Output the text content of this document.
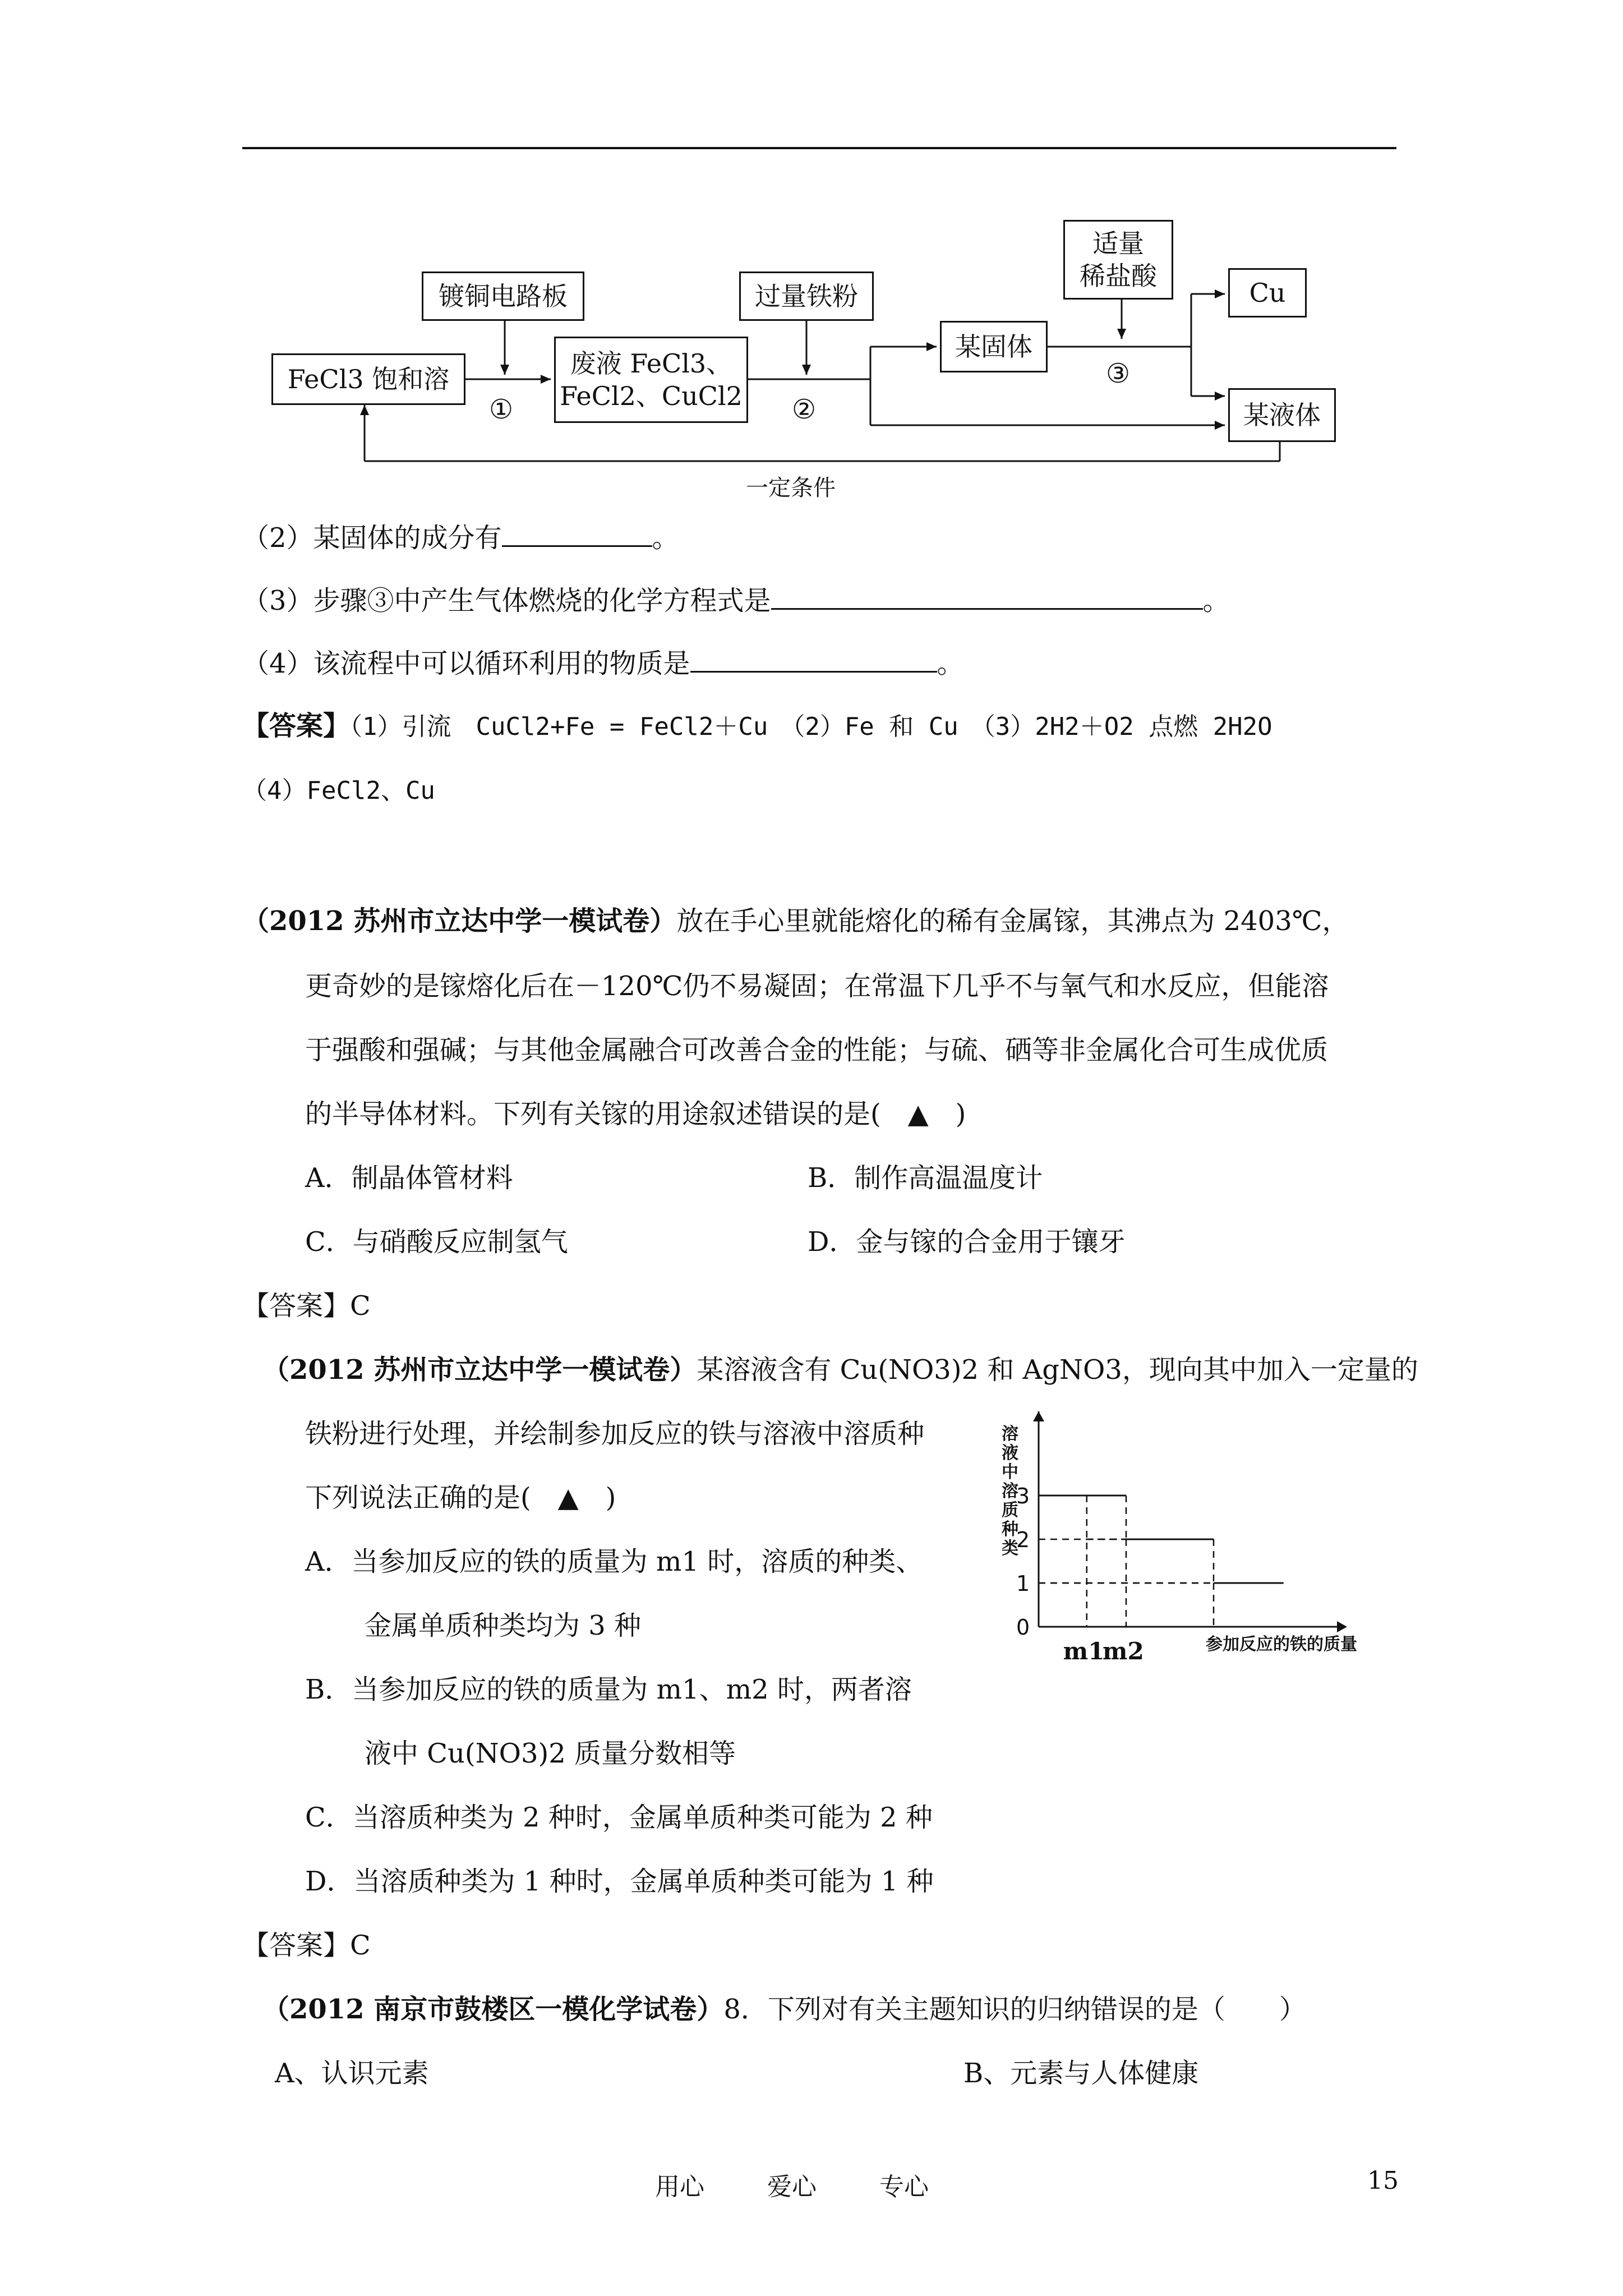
FeCl3 饱和溶
镀铜电路板
废液 FeCl3、
FeCl2、CuCl2
过量铁粉
适量
稀盐酸
某固体
Cu
某液体
①	②
③
一定条件
（2）某固体的成分有	。
（3）步骤③中产生气体燃烧的化学方程式是	。
（4）该流程中可以循环利用的物质是	。
【答案】（1）引流　CuCl2+Fe = FeCl2＋Cu　（2）Fe 和 Cu　（3）2H2＋O2 点燃 2H2O
（4）FeCl2、Cu
（2012 苏州市立达中学一模试卷）放在手心里就能熔化的稀有金属镓，其沸点为 2403℃，
更奇妙的是镓熔化后在－120℃仍不易凝固；在常温下几乎不与氧气和水反应，但能溶
于强酸和强碱；与其他金属融合可改善合金的性能；与硫、硒等非金属化合可生成优质
的半导体材料。下列有关镓的用途叙述错误的是(　▲　)
A．制晶体管材料	B．制作高温温度计
C．与硝酸反应制氢气	D．金与镓的合金用于镶牙
【答案】C
（2012 苏州市立达中学一模试卷）某溶液含有 Cu(NO3)2 和 AgNO3，现向其中加入一定量的
铁粉进行处理，并绘制参加反应的铁与溶液中溶质种
下列说法正确的是(　▲　)
A．当参加反应的铁的质量为 m1 时，溶质的种类、
金属单质种类均为 3 种
B．当参加反应的铁的质量为 m1、m2 时，两者溶
液中 Cu(NO3)2 质量分数相等
C．当溶质种类为 2 种时，金属单质种类可能为 2 种
D．当溶质种类为 1 种时，金属单质种类可能为 1 种
【答案】C
0
1
2
3
m1
m2
溶液中溶质种类
参加反应的铁的质量
（2012 南京市鼓楼区一模化学试卷）8．下列对有关主题知识的归纳错误的是（　　）
A、认识元素	B、元素与人体健康
用心	爱心	专心	15
